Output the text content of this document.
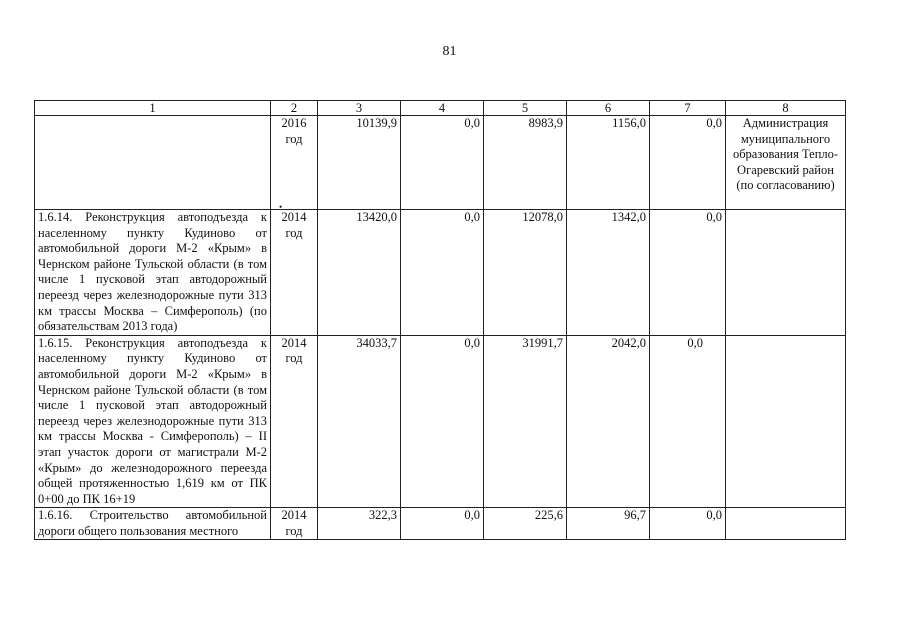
81
•
1	2	3	4	5	6	7	8
	2016 год	10139,9	0,0	8983,9	1156,0	0,0	Администрация муниципального образования Тепло-Огаревский район (по согласованию)
1.6.14. Реконструкция автоподъезда к населенному пункту Кудиново от автомобильной дороги М-2 «Крым» в Чернском районе Тульской области (в том числе 1 пусковой этап автодорожный переезд через железнодорожные пути 313 км трассы Москва – Симферополь) (по обязательствам 2013 года)	2014 год	13420,0	0,0	12078,0	1342,0	0,0	
1.6.15. Реконструкция автоподъезда к населенному пункту Кудиново от автомобильной дороги М-2 «Крым» в Чернском районе Тульской области (в том числе 1 пусковой этап автодорожный переезд через железнодорожные пути 313 км трассы Москва - Симферополь) – II этап участок дороги от магистрали М-2 «Крым» до железнодорожного переезда общей протяженностью 1,619 км от ПК 0+00 до ПК 16+19	2014 год	34033,7	0,0	31991,7	2042,0	0,0	
1.6.16. Строительство автомобильной дороги общего пользования местного	2014 год	322,3	0,0	225,6	96,7	0,0	
